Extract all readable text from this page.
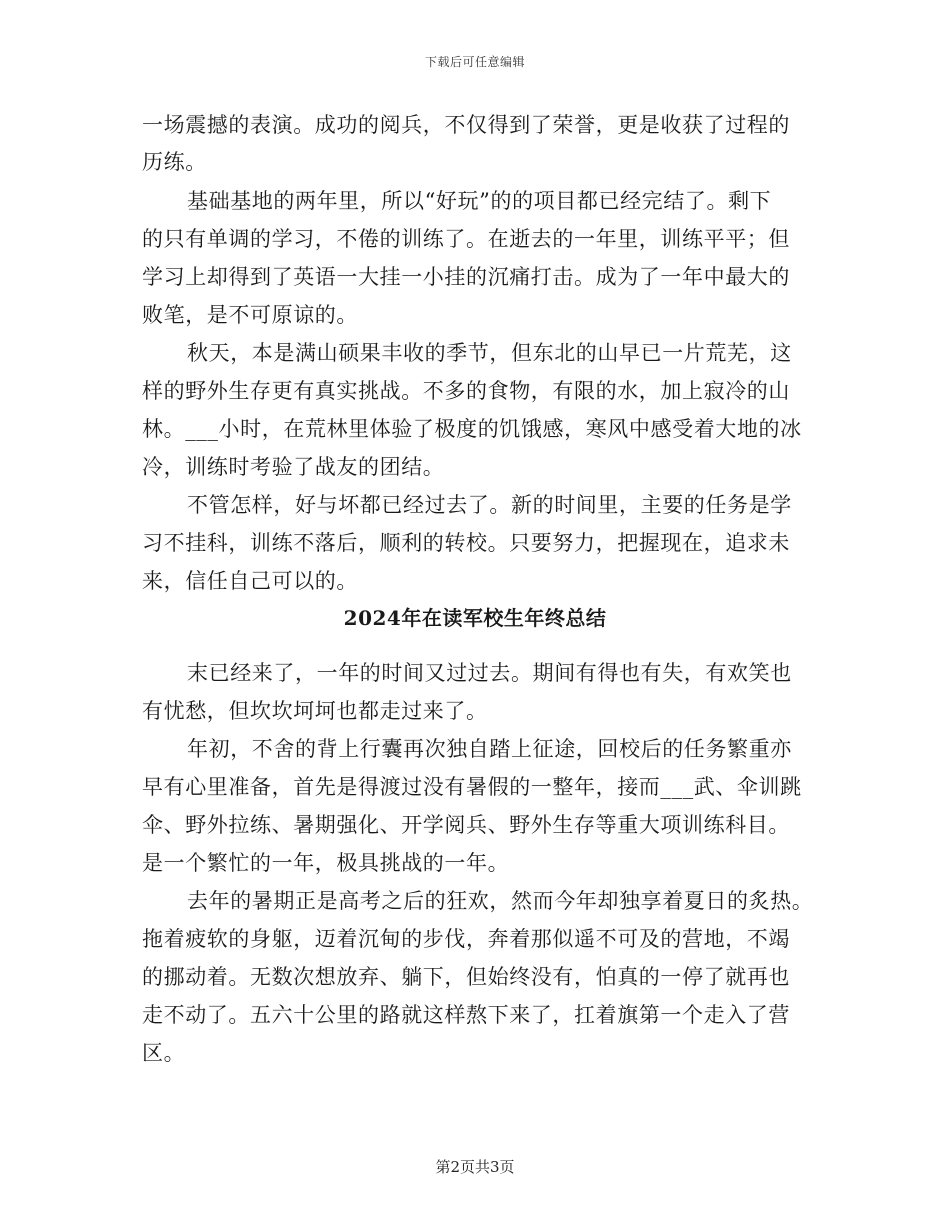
下载后可任意编辑
一场震撼的表演。成功的阅兵，不仅得到了荣誉，更是收获了过程的
历练。
基础基地的两年里，所以“好玩”的的项目都已经完结了。剩下
的只有单调的学习，不倦的训练了。在逝去的一年里，训练平平；但
学习上却得到了英语一大挂一小挂的沉痛打击。成为了一年中最大的
败笔，是不可原谅的。
秋天，本是满山硕果丰收的季节，但东北的山早已一片荒芜，这
样的野外生存更有真实挑战。不多的食物，有限的水，加上寂冷的山
林。___小时，在荒林里体验了极度的饥饿感，寒风中感受着大地的冰
冷，训练时考验了战友的团结。
不管怎样，好与坏都已经过去了。新的时间里，主要的任务是学
习不挂科，训练不落后，顺利的转校。只要努力，把握现在，追求未
来，信任自己可以的。
2024年在读军校生年终总结
末已经来了，一年的时间又过过去。期间有得也有失，有欢笑也
有忧愁，但坎坎坷坷也都走过来了。
年初，不舍的背上行囊再次独自踏上征途，回校后的任务繁重亦
早有心里准备，首先是得渡过没有暑假的一整年，接而___武、伞训跳
伞、野外拉练、暑期强化、开学阅兵、野外生存等重大项训练科目。
是一个繁忙的一年，极具挑战的一年。
去年的暑期正是高考之后的狂欢，然而今年却独享着夏日的炙热。
拖着疲软的身躯，迈着沉甸的步伐，奔着那似遥不可及的营地，不竭
的挪动着。无数次想放弃、躺下，但始终没有，怕真的一停了就再也
走不动了。五六十公里的路就这样熬下来了，扛着旗第一个走入了营
区。
第2页共3页
